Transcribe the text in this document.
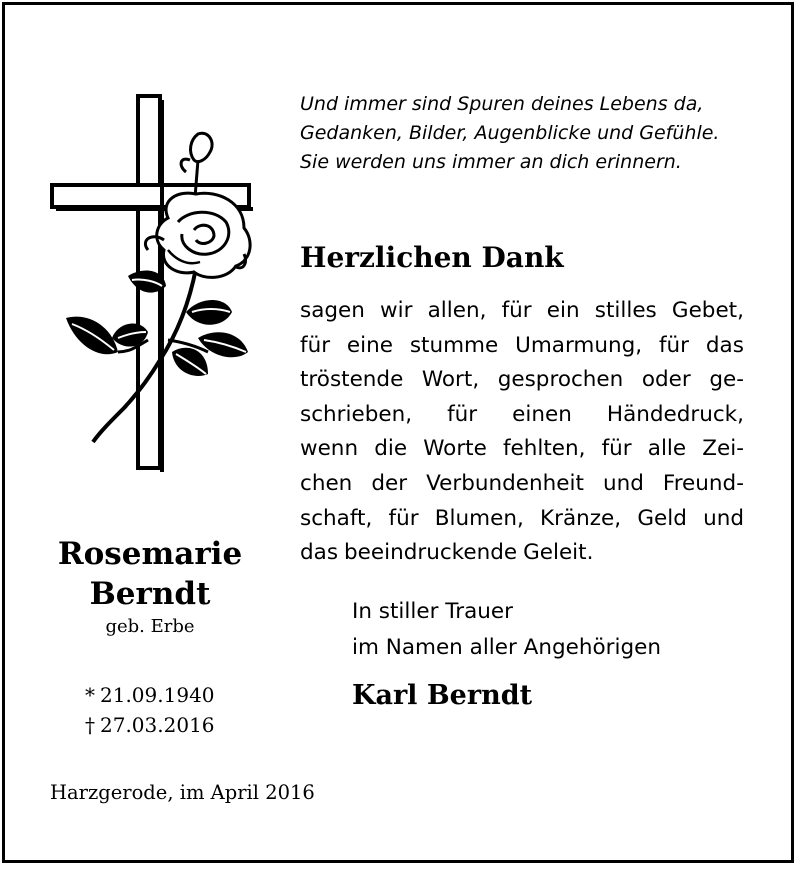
Und immer sind Spuren deines Lebens da,
Gedanken, Bilder, Augenblicke und Gefühle.
Sie werden uns immer an dich erinnern.
Herzlichen Dank
sagen wir allen, für ein stilles Gebet,
für eine stumme Umarmung, für das
tröstende Wort, gesprochen oder ge-
schrieben, für einen Händedruck,
wenn die Worte fehlten, für alle Zei-
chen der Verbundenheit und Freund-
schaft, für Blumen, Kränze, Geld und
das beeindruckende Geleit.
In stiller Trauer
im Namen aller Angehörigen
Karl Berndt
Rosemarie
Berndt
geb. Erbe
* 21.09.1940
† 27.03.2016
Harzgerode, im April 2016
